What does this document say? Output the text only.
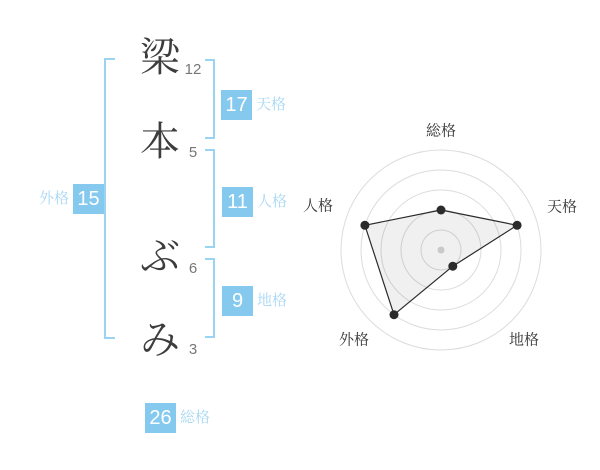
梁 12
本 5
ぶ 6
み 3
17 天格
11 人格
9 地格
15
外格
26 総格
総格
天格
地格
外格
人格
